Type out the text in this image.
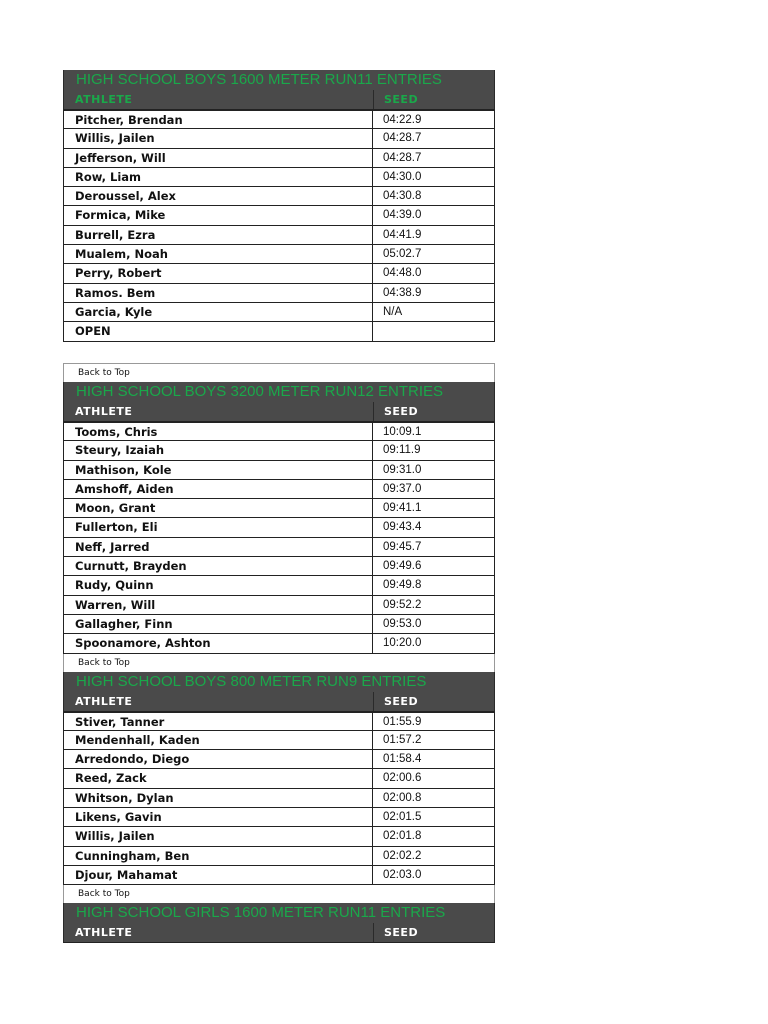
HIGH SCHOOL BOYS 1600 METER RUN11 ENTRIES
ATHLETE	SEED
Pitcher, Brendan	04:22.9
Willis, Jailen	04:28.7
Jefferson, Will	04:28.7
Row, Liam	04:30.0
Deroussel, Alex	04:30.8
Formica, Mike	04:39.0
Burrell, Ezra	04:41.9
Mualem, Noah	05:02.7
Perry, Robert	04:48.0
Ramos. Bem	04:38.9
Garcia, Kyle	N/A
OPEN
Back to Top
HIGH SCHOOL BOYS 3200 METER RUN12 ENTRIES
ATHLETE	SEED
Tooms, Chris	10:09.1
Steury, Izaiah	09:11.9
Mathison, Kole	09:31.0
Amshoff, Aiden	09:37.0
Moon, Grant	09:41.1
Fullerton, Eli	09:43.4
Neff, Jarred	09:45.7
Curnutt, Brayden	09:49.6
Rudy, Quinn	09:49.8
Warren, Will	09:52.2
Gallagher, Finn	09:53.0
Spoonamore, Ashton	10:20.0
Back to Top
HIGH SCHOOL BOYS 800 METER RUN9 ENTRIES
ATHLETE	SEED
Stiver, Tanner	01:55.9
Mendenhall, Kaden	01:57.2
Arredondo, Diego	01:58.4
Reed, Zack	02:00.6
Whitson, Dylan	02:00.8
Likens, Gavin	02:01.5
Willis, Jailen	02:01.8
Cunningham, Ben	02:02.2
Djour, Mahamat	02:03.0
Back to Top
HIGH SCHOOL GIRLS 1600 METER RUN11 ENTRIES
ATHLETE	SEED
